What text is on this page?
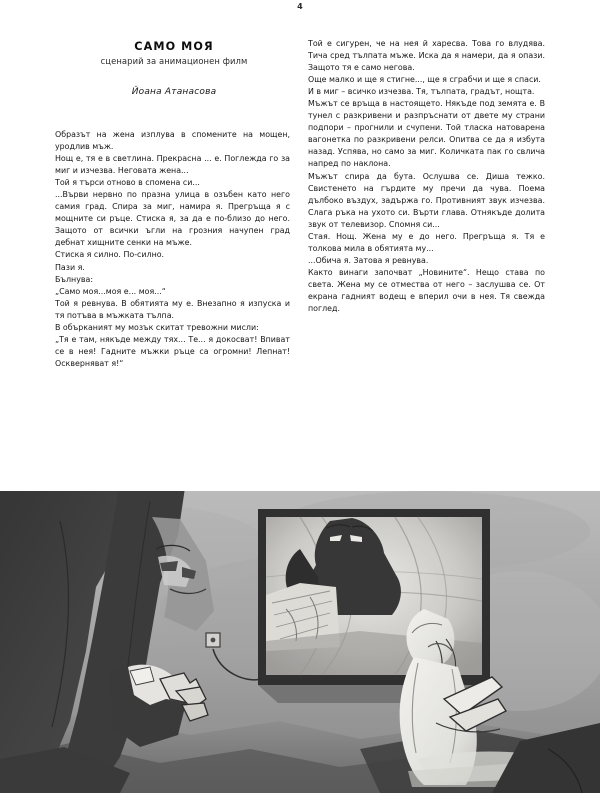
4
САМО МОЯ
сценарий за анимационен филм
Йоана Атанасова

Образът на жена изплува в спомените на мощен, уродлив мъж.

Нощ е, тя е в светлина. Прекрасна ... е. Поглежда го за миг и изчезва. Неговата жена...

Той я търси отново в спомена си...

...Върви нервно по празна улица в озъбен като него самия град. Спира за миг, намира я. Прегръща я с мощните си ръце. Стиска я, за да е по-близо до него. Защото от всички ъгли на грозния начупен град дебнат хищните сенки на мъже.

Стиска я силно. По-силно.

Пази я.

Бълнува:

„Само моя...моя е... моя...“

Той я ревнува. В обятията му е. Внезапно я изпуска и тя потъва в мъжката тълпа.

В обърканият му мозък скитат тревожни мисли:

„Тя е там, някъде между тях... Те... я докосват! Впиват се в нея! Гадните мъжки ръце са огромни! Лепнат! Оскверняват я!“

Той е сигурен, че на нея й харесва. Това го влудява. Тича сред тълпата мъже. Иска да я намери, да я опази. Защото тя е само негова.

Още малко и ще я стигне..., ще я сграбчи и ще я спаси.

И в миг – всичко изчезва. Тя, тълпата, градът, нощта.

Мъжът се връща в настоящето. Някъде под земята е. В тунел с разкривени и разпръснати от двете му страни подпори – прогнили и счупени. Той тласка натоварена вагонетка по разкривени релси. Опитва се да я избута назад. Успява, но само за миг. Количката пак го свлича напред по наклона.

Мъжът спира да бута. Ослушва се. Диша тежко. Свистенето на гърдите му пречи да чува. Поема дълбоко въздух, задържа го. Противният звук изчезва. Слага ръка на ухото си. Върти глава. Отнякъде долита звук от телевизор. Спомня си...

Стая. Нощ. Жена му е до него. Прегръща я. Тя е толкова мила в обятията му...

...Обича я. Затова я ревнува.

Както винаги започват „Новините“. Нещо става по света. Жена му се отмества от него – заслушва се. От екрана гадният водещ е вперил очи в нея. Тя свежда поглед.
